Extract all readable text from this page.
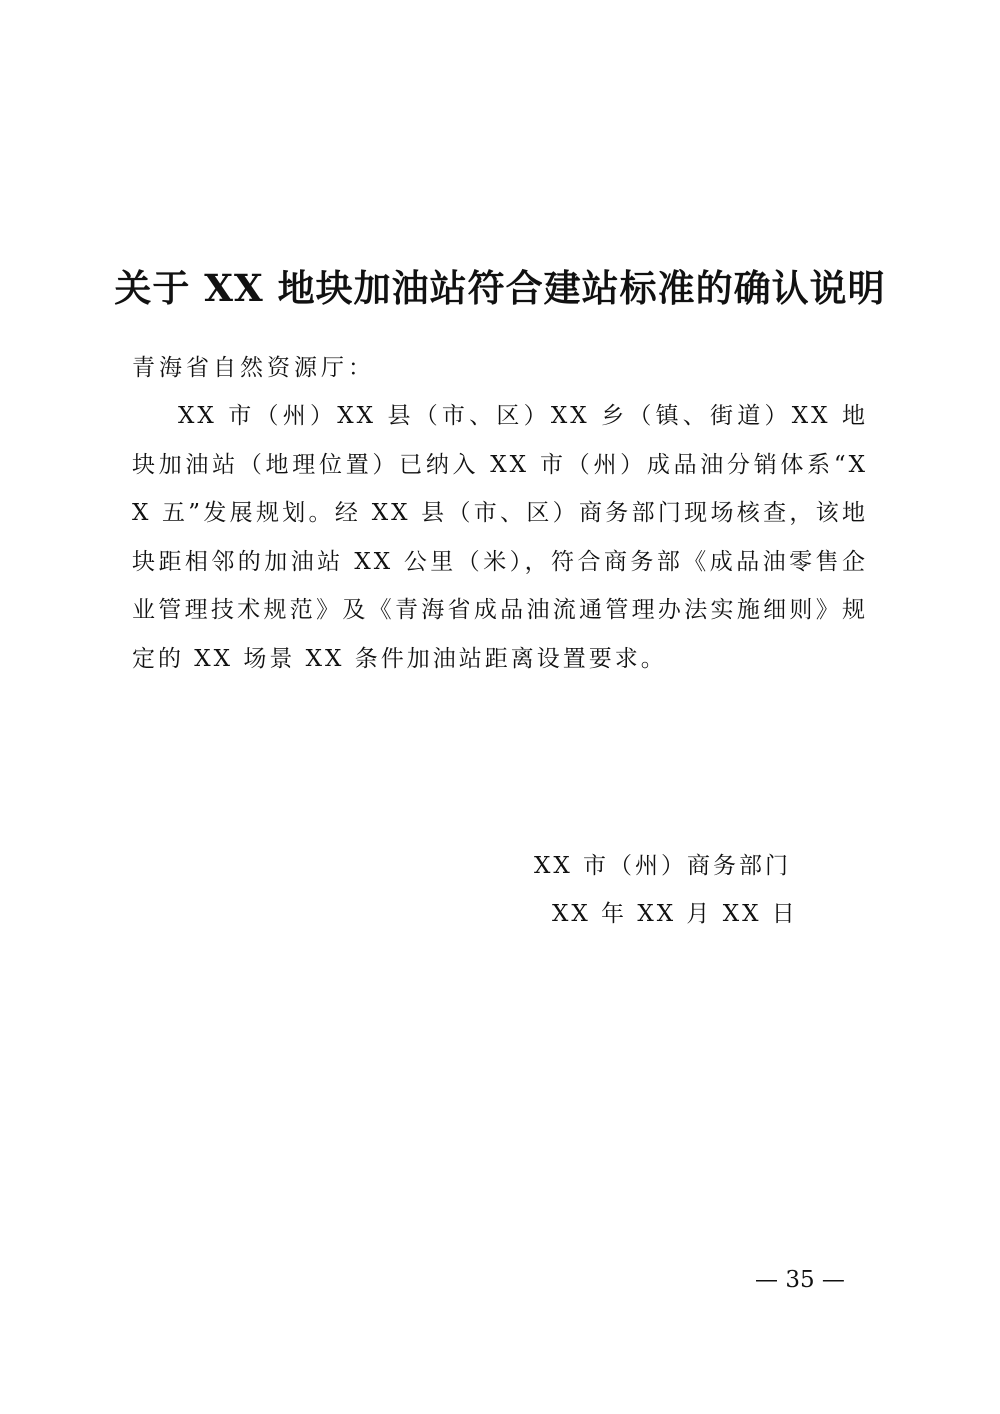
关于 XX 地块加油站符合建站标准的确认说明
青海省自然资源厅：
XX 市（州）XX 县（市、区）XX 乡（镇、街道）XX 地块加油站（地理位置）已纳入 XX 市（州）成品油分销体系“XX 五”发展规划。经 XX 县（市、区）商务部门现场核查，该地块距相邻的加油站 XX 公里（米），符合商务部《成品油零售企业管理技术规范》及《青海省成品油流通管理办法实施细则》规定的 XX 场景 XX 条件加油站距离设置要求。
XX 市（州）商务部门
XX 年 XX 月 XX 日
— 35 —
